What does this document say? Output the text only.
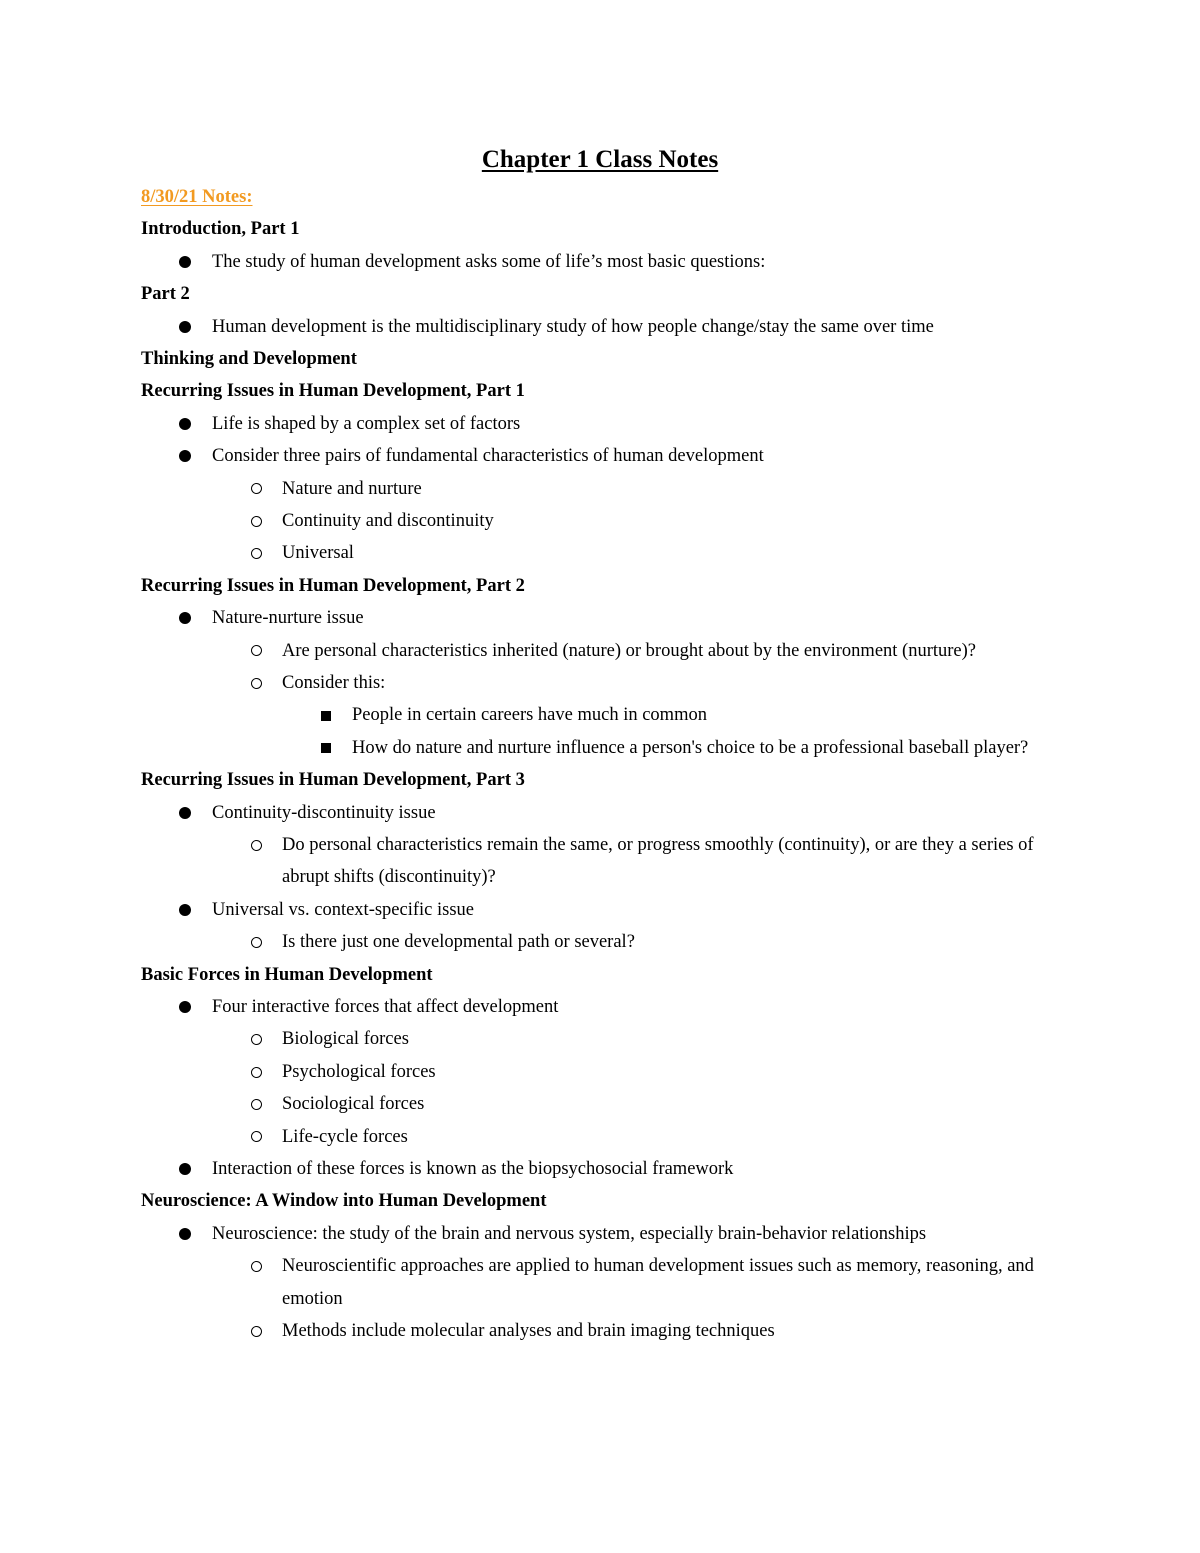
Chapter 1 Class Notes
8/30/21 Notes:
Introduction, Part 1
The study of human development asks some of life’s most basic questions:
Part 2
Human development is the multidisciplinary study of how people change/stay the same over time
Thinking and Development
Recurring Issues in Human Development, Part 1
Life is shaped by a complex set of factors
Consider three pairs of fundamental characteristics of human development
Nature and nurture
Continuity and discontinuity
Universal
Recurring Issues in Human Development, Part 2
Nature-nurture issue
Are personal characteristics inherited (nature) or brought about by the environment (nurture)?
Consider this:
People in certain careers have much in common
How do nature and nurture influence a person's choice to be a professional baseball player?
Recurring Issues in Human Development, Part 3
Continuity-discontinuity issue
Do personal characteristics remain the same, or progress smoothly (continuity), or are they a series of abrupt shifts (discontinuity)?
Universal vs. context-specific issue
Is there just one developmental path or several?
Basic Forces in Human Development
Four interactive forces that affect development
Biological forces
Psychological forces
Sociological forces
Life-cycle forces
Interaction of these forces is known as the biopsychosocial framework
Neuroscience: A Window into Human Development
Neuroscience: the study of the brain and nervous system, especially brain-behavior relationships
Neuroscientific approaches are applied to human development issues such as memory, reasoning, and emotion
Methods include molecular analyses and brain imaging techniques
